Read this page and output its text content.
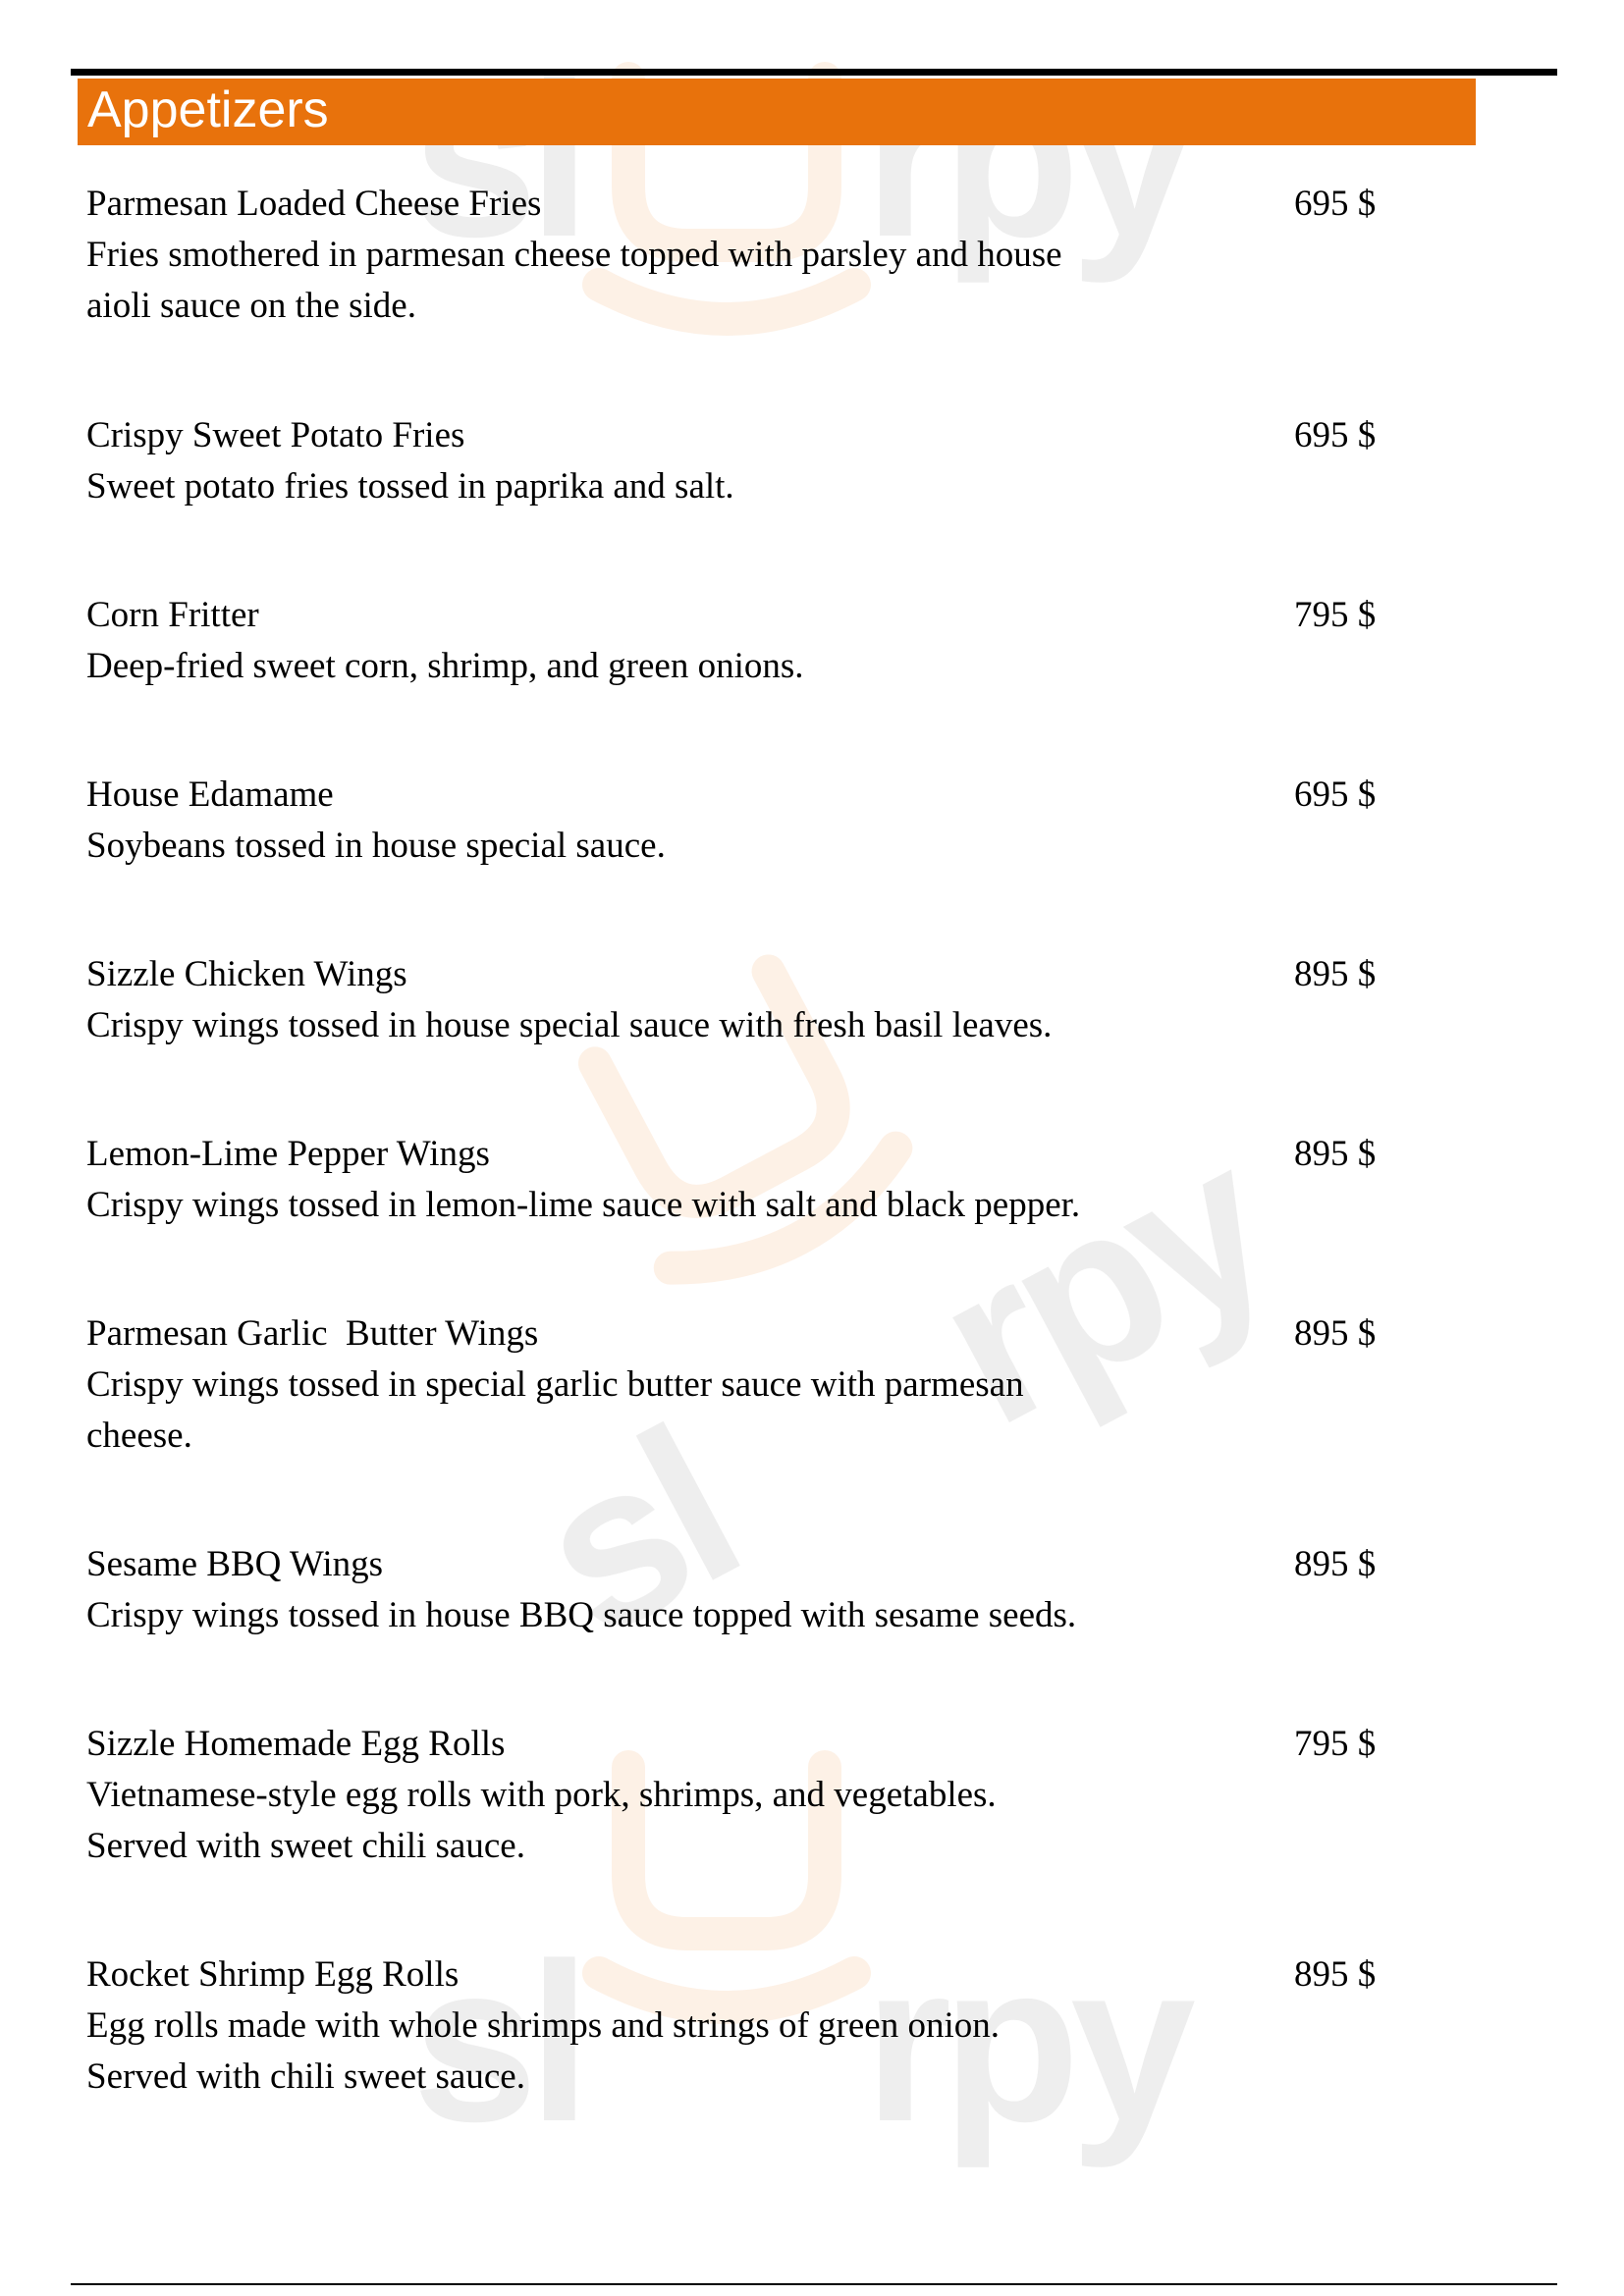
sl rpy
sl
rpy
sl rpy
Appetizers
Parmesan Loaded Cheese Fries	695 $
Fries smothered in parmesan cheese topped with parsley and house
aioli sauce on the side.
Crispy Sweet Potato Fries	695 $
Sweet potato fries tossed in paprika and salt.
Corn Fritter	795 $
Deep-fried sweet corn, shrimp, and green onions.
House Edamame	695 $
Soybeans tossed in house special sauce.
Sizzle Chicken Wings	895 $
Crispy wings tossed in house special sauce with fresh basil leaves.
Lemon-Lime Pepper Wings	895 $
Crispy wings tossed in lemon-lime sauce with salt and black pepper.
Parmesan Garlic  Butter Wings	895 $
Crispy wings tossed in special garlic butter sauce with parmesan
cheese.
Sesame BBQ Wings	895 $
Crispy wings tossed in house BBQ sauce topped with sesame seeds.
Sizzle Homemade Egg Rolls	795 $
Vietnamese-style egg rolls with pork, shrimps, and vegetables.
Served with sweet chili sauce.
Rocket Shrimp Egg Rolls	895 $
Egg rolls made with whole shrimps and strings of green onion.
Served with chili sweet sauce.
